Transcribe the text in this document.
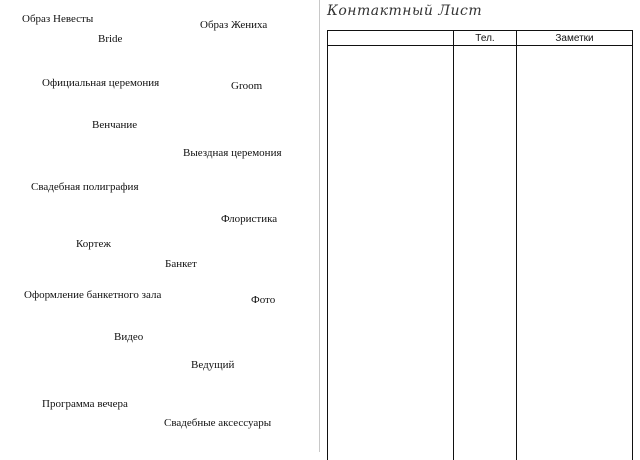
Образ Невесты
Bride
Образ Жениха
Официальная церемония	Groom
Венчание
Выездная церемония
Свадебная полиграфия
Флористика
Кортеж
Банкет
Оформление банкетного зала	Фото
Видео
Ведущий
Программа вечера
Свадебные аксессуары
Контактный Лист
	Тел.	Заметки
